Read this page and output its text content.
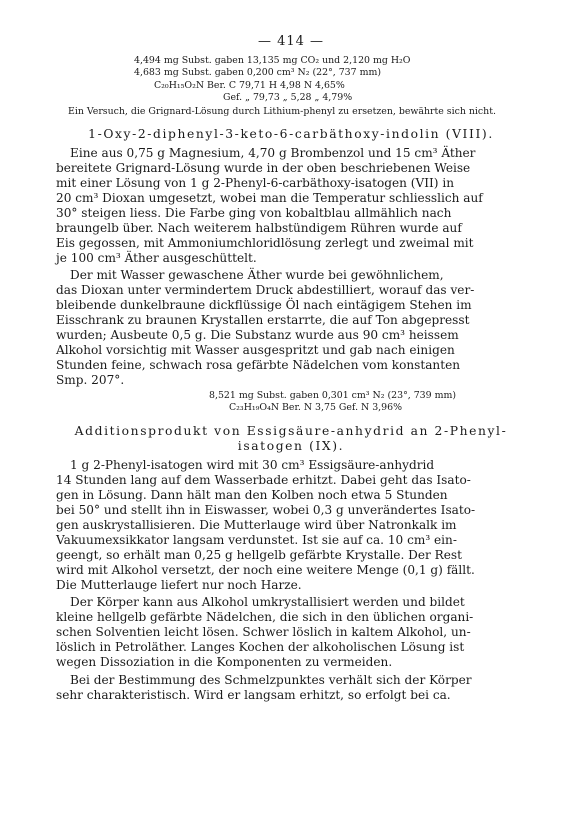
— 414 —
4,494 mg Subst. gaben 13,135 mg CO₂ und 2,120 mg H₂O
4,683 mg Subst. gaben 0,200 cm³ N₂ (22°, 737 mm)
C₂₀H₁₅O₂N Ber. C 79,71 H 4,98 N 4,65%
Gef. „ 79,73 „ 5,28 „ 4,79%

Ein Versuch, die Grignard-Lösung durch Lithium-phenyl zu ersetzen, bewährte sich nicht.

1-Oxy-2-diphenyl-3-keto-6-carbäthoxy-indolin (VIII).

Eine aus 0,75 g Magnesium, 4,70 g Brombenzol und 15 cm³ Äther

bereitete Grignard-Lösung wurde in der oben beschriebenen Weise

mit einer Lösung von 1 g 2-Phenyl-6-carbäthoxy-isatogen (VII) in

20 cm³ Dioxan umgesetzt, wobei man die Temperatur schliesslich auf

30° steigen liess. Die Farbe ging von kobaltblau allmählich nach

braungelb über. Nach weiterem halbstündigem Rühren wurde auf

Eis gegossen, mit Ammoniumchloridlösung zerlegt und zweimal mit

je 100 cm³ Äther ausgeschüttelt.

Der mit Wasser gewaschene Äther wurde bei gewöhnlichem,

das Dioxan unter vermindertem Druck abdestilliert, worauf das ver-

bleibende dunkelbraune dickflüssige Öl nach eintägigem Stehen im

Eisschrank zu braunen Krystallen erstarrte, die auf Ton abgepresst

wurden; Ausbeute 0,5 g. Die Substanz wurde aus 90 cm³ heissem

Alkohol vorsichtig mit Wasser ausgespritzt und gab nach einigen

Stunden feine, schwach rosa gefärbte Nädelchen vom konstanten

Smp. 207°.

8,521 mg Subst. gaben 0,301 cm³ N₂ (23°, 739 mm)
C₂₃H₁₉O₄N Ber. N 3,75 Gef. N 3,96%
Additionsprodukt von Essigsäure-anhydrid an 2-Phenyl-
isatogen (IX).

1 g 2-Phenyl-isatogen wird mit 30 cm³ Essigsäure-anhydrid

14 Stunden lang auf dem Wasserbade erhitzt. Dabei geht das Isato-

gen in Lösung. Dann hält man den Kolben noch etwa 5 Stunden

bei 50° und stellt ihn in Eiswasser, wobei 0,3 g unverändertes Isato-

gen auskrystallisieren. Die Mutterlauge wird über Natronkalk im

Vakuumexsikkator langsam verdunstet. Ist sie auf ca. 10 cm³ ein-

geengt, so erhält man 0,25 g hellgelb gefärbte Krystalle. Der Rest

wird mit Alkohol versetzt, der noch eine weitere Menge (0,1 g) fällt.

Die Mutterlauge liefert nur noch Harze.

Der Körper kann aus Alkohol umkrystallisiert werden und bildet

kleine hellgelb gefärbte Nädelchen, die sich in den üblichen organi-

schen Solventien leicht lösen. Schwer löslich in kaltem Alkohol, un-

löslich in Petroläther. Langes Kochen der alkoholischen Lösung ist

wegen Dissoziation in die Komponenten zu vermeiden.

Bei der Bestimmung des Schmelzpunktes verhält sich der Körper

sehr charakteristisch. Wird er langsam erhitzt, so erfolgt bei ca.
